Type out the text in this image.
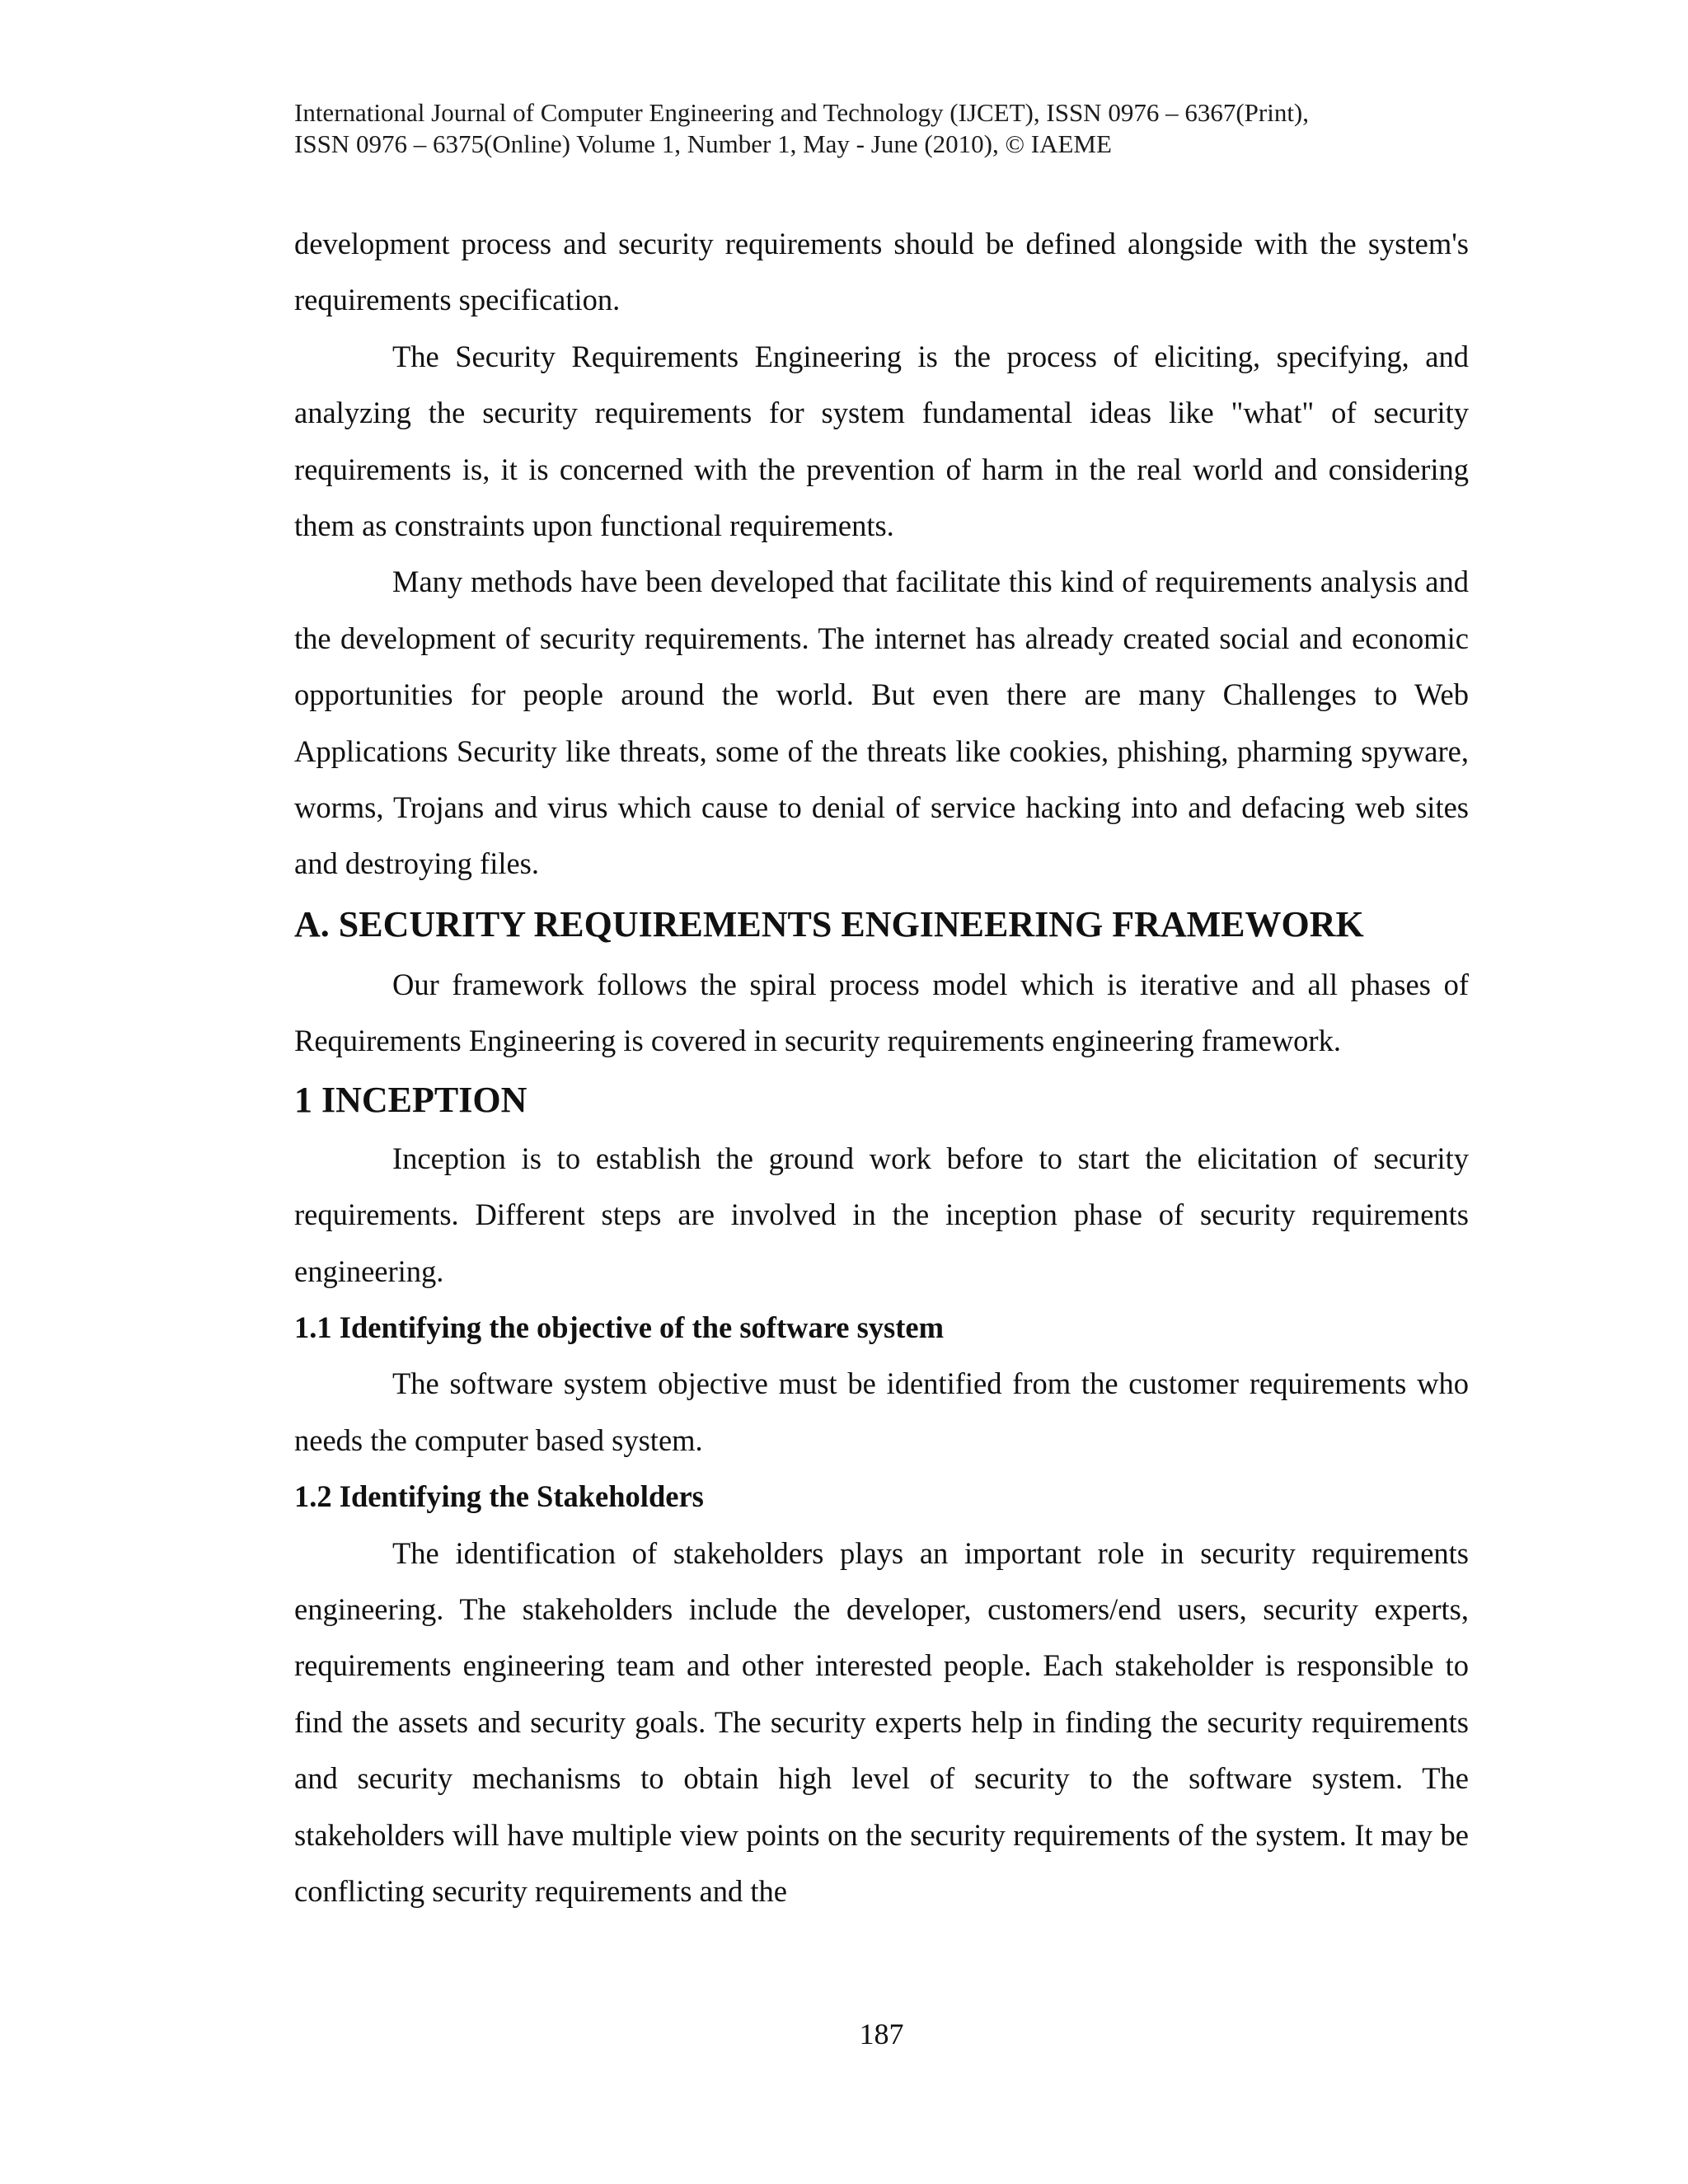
International Journal of Computer Engineering and Technology (IJCET), ISSN 0976 – 6367(Print),
ISSN 0976 – 6375(Online) Volume 1, Number 1, May - June (2010), © IAEME

development process and security requirements should be defined alongside with the system's requirements specification.

The Security Requirements Engineering is the process of eliciting, specifying, and analyzing the security requirements for system fundamental ideas like "what" of security requirements is, it is concerned with the prevention of harm in the real world and considering them as constraints upon functional requirements.

Many methods have been developed that facilitate this kind of requirements analysis and the development of security requirements. The internet has already created social and economic opportunities for people around the world. But even there are many Challenges to Web Applications Security like threats, some of the threats like cookies, phishing, pharming spyware, worms, Trojans and virus which cause to denial of service hacking into and defacing web sites and destroying files.

A. SECURITY REQUIREMENTS ENGINEERING FRAMEWORK

Our framework follows the spiral process model which is iterative and all phases of Requirements Engineering is covered in security requirements engineering framework.

1 INCEPTION

Inception is to establish the ground work before to start the elicitation of security requirements. Different steps are involved in the inception phase of security requirements engineering.

1.1 Identifying the objective of the software system

The software system objective must be identified from the customer requirements who needs the computer based system.

1.2 Identifying the Stakeholders

The identification of stakeholders plays an important role in security requirements engineering. The stakeholders include the developer, customers/end users, security experts, requirements engineering team and other interested people. Each stakeholder is responsible to find the assets and security goals. The security experts help in finding the security requirements and security mechanisms to obtain high level of security to the software system. The stakeholders will have multiple view points on the security requirements of the system. It may be conflicting security requirements and the

187
